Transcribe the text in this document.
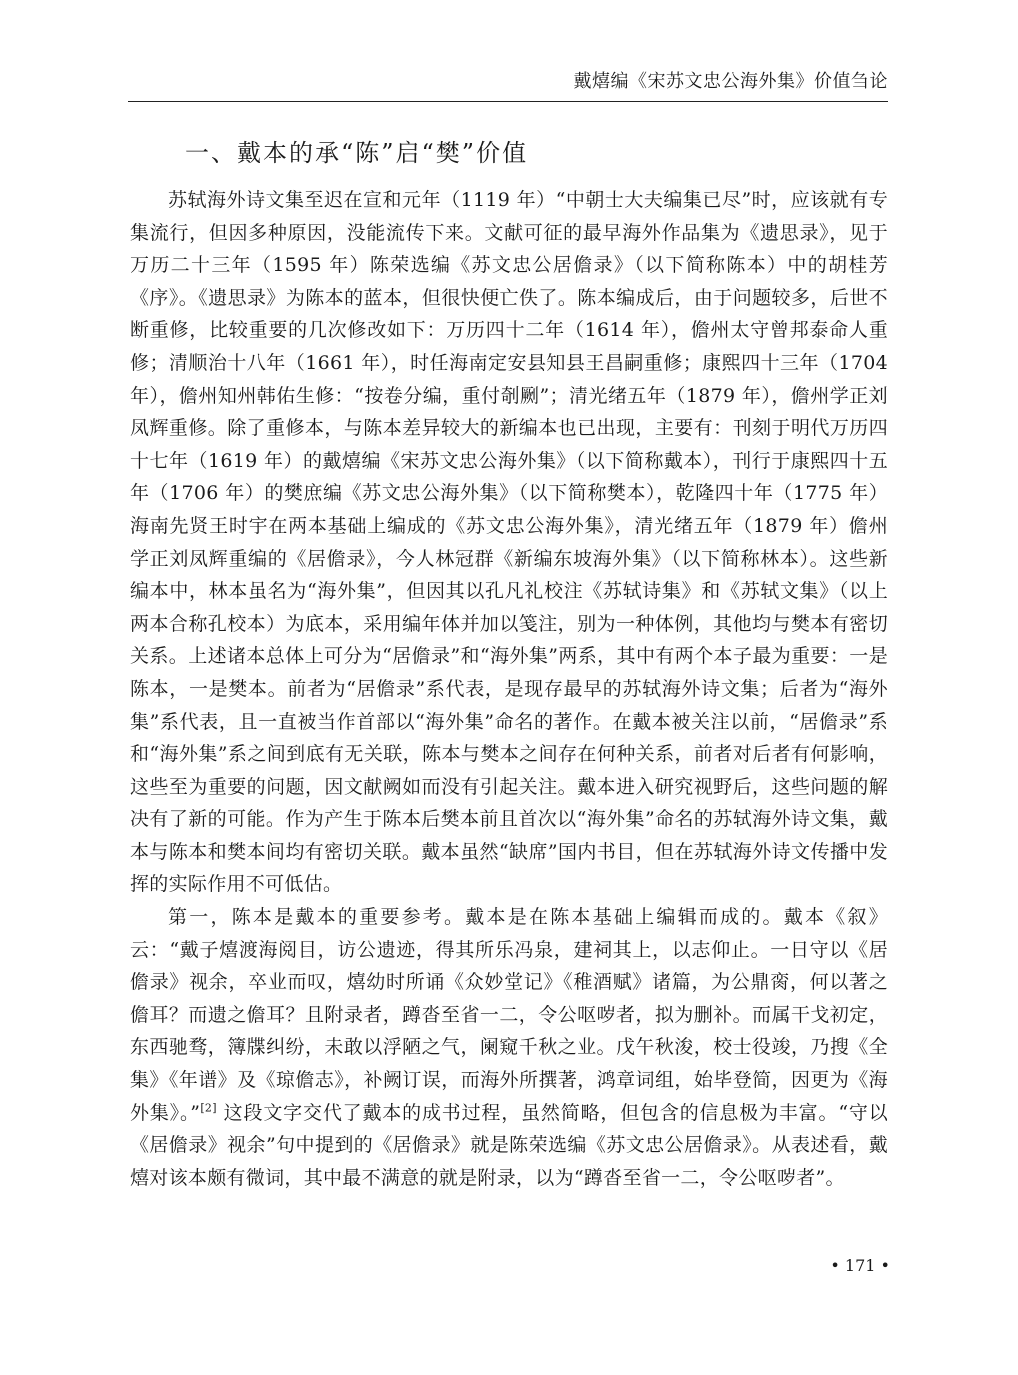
戴熺编《宋苏文忠公海外集》价值刍论
一、戴本的承“陈”启“樊”价值

苏轼海外诗文集至迟在宣和元年（1119 年）“中朝士大夫编集已尽”时，应该就有专集流行，但因多种原因，没能流传下来。文献可征的最早海外作品集为《遗思录》，见于万历二十三年（1595 年）陈荣选编《苏文忠公居儋录》（以下简称陈本）中的胡桂芳《序》。《遗思录》为陈本的蓝本，但很快便亡佚了。陈本编成后，由于问题较多，后世不断重修，比较重要的几次修改如下：万历四十二年（1614 年），儋州太守曾邦泰命人重修；清顺治十八年（1661 年），时任海南定安县知县王昌嗣重修；康熙四十三年（1704 年），儋州知州韩佑生修：“按卷分编，重付剞劂”；清光绪五年（1879 年），儋州学正刘凤辉重修。除了重修本，与陈本差异较大的新编本也已出现，主要有：刊刻于明代万历四十七年（1619 年）的戴熺编《宋苏文忠公海外集》（以下简称戴本），刊行于康熙四十五年（1706 年）的樊庶编《苏文忠公海外集》（以下简称樊本），乾隆四十年（1775 年）海南先贤王时宇在两本基础上编成的《苏文忠公海外集》，清光绪五年（1879 年）儋州学正刘凤辉重编的《居儋录》，今人林冠群《新编东坡海外集》（以下简称林本）。这些新编本中，林本虽名为“海外集”，但因其以孔凡礼校注《苏轼诗集》和《苏轼文集》（以上两本合称孔校本）为底本，采用编年体并加以笺注，别为一种体例，其他均与樊本有密切关系。上述诸本总体上可分为“居儋录”和“海外集”两系，其中有两个本子最为重要：一是陈本，一是樊本。前者为“居儋录”系代表，是现存最早的苏轼海外诗文集；后者为“海外集”系代表，且一直被当作首部以“海外集”命名的著作。在戴本被关注以前，“居儋录”系和“海外集”系之间到底有无关联，陈本与樊本之间存在何种关系，前者对后者有何影响，这些至为重要的问题，因文献阙如而没有引起关注。戴本进入研究视野后，这些问题的解决有了新的可能。作为产生于陈本后樊本前且首次以“海外集”命名的苏轼海外诗文集，戴本与陈本和樊本间均有密切关联。戴本虽然“缺席”国内书目，但在苏轼海外诗文传播中发挥的实际作用不可低估。

第一，陈本是戴本的重要参考。戴本是在陈本基础上编辑而成的。戴本《叙》云：“戴子熺渡海阅目，访公遗迹，得其所乐冯泉，建祠其上，以志仰止。一日守以《居儋录》视余，卒业而叹，熺幼时所诵《众妙堂记》《稚酒赋》诸篇，为公鼎脔，何以著之儋耳？而遗之儋耳？且附录者，蹲沓至省一二，令公呕哕者，拟为删补。而属干戈初定，东西驰骛，簿牒纠纷，未敢以浮陋之气，阑窥千秋之业。戊午秋浚，校士役竣，乃搜《全集》《年谱》及《琼儋志》，补阙订误，而海外所撰著，鸿章词组，始毕登简，因更为《海外集》。”[2] 这段文字交代了戴本的成书过程，虽然简略，但包含的信息极为丰富。“守以《居儋录》视余”句中提到的《居儋录》就是陈荣选编《苏文忠公居儋录》。从表述看，戴熺对该本颇有微词，其中最不满意的就是附录，以为“蹲沓至省一二，令公呕哕者”。

• 171 •
